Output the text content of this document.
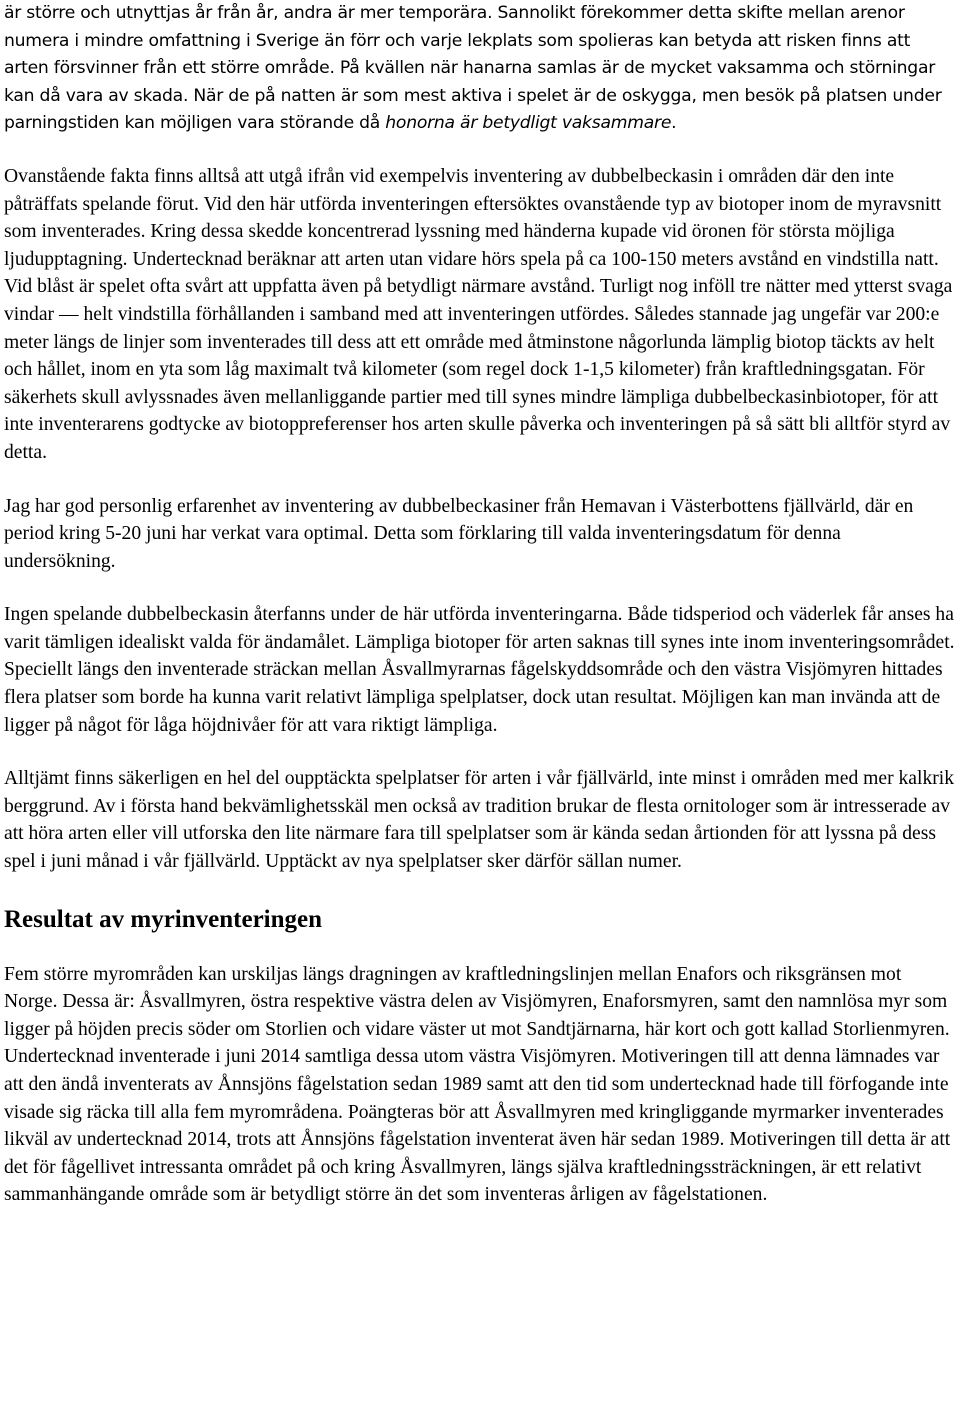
är större och utnyttjas år från år, andra är mer temporära. Sannolikt förekommer detta skifte mellan arenor numera i mindre omfattning i Sverige än förr och varje lekplats som spolieras kan betyda att risken finns att arten försvinner från ett större område. På kvällen när hanarna samlas är de mycket vaksamma och störningar kan då vara av skada. När de på natten är som mest aktiva i spelet är de oskygga, men besök på platsen under parningstiden kan möjligen vara störande då honorna är betydligt vaksammare.

Ovanstående fakta finns alltså att utgå ifrån vid exempelvis inventering av dubbelbeckasin i områden där den inte påträffats spelande förut. Vid den här utförda inventeringen eftersöktes ovanstående typ av biotoper inom de myravsnitt som inventerades. Kring dessa skedde koncentrerad lyssning med händerna kupade vid öronen för största möjliga ljudupptagning. Undertecknad beräknar att arten utan vidare hörs spela på ca 100-150 meters avstånd en vindstilla natt. Vid blåst är spelet ofta svårt att uppfatta även på betydligt närmare avstånd. Turligt nog inföll tre nätter med ytterst svaga vindar — helt vindstilla förhållanden i samband med att inventeringen utfördes. Således stannade jag ungefär var 200:e meter längs de linjer som inventerades till dess att ett område med åtminstone någorlunda lämplig biotop täckts av helt och hållet, inom en yta som låg maximalt två kilometer (som regel dock 1-1,5 kilometer) från kraftledningsgatan. För säkerhets skull avlyssnades även mellanliggande partier med till synes mindre lämpliga dubbelbeckasinbiotoper, för att inte inventerarens godtycke av biotoppreferenser hos arten skulle påverka och inventeringen på så sätt bli alltför styrd av detta.

Jag har god personlig erfarenhet av inventering av dubbelbeckasiner från Hemavan i Västerbottens fjällvärld, där en period kring 5-20 juni har verkat vara optimal. Detta som förklaring till valda inventeringsdatum för denna undersökning.

Ingen spelande dubbelbeckasin återfanns under de här utförda inventeringarna. Både tidsperiod och väderlek får anses ha varit tämligen idealiskt valda för ändamålet. Lämpliga biotoper för arten saknas till synes inte inom inventeringsområdet. Speciellt längs den inventerade sträckan mellan Åsvallmyrarnas fågelskyddsområde och den västra Visjömyren hittades flera platser som borde ha kunna varit relativt lämpliga spelplatser, dock utan resultat. Möjligen kan man invända att de ligger på något för låga höjdnivåer för att vara riktigt lämpliga.

Alltjämt finns säkerligen en hel del oupptäckta spelplatser för arten i vår fjällvärld, inte minst i områden med mer kalkrik berggrund. Av i första hand bekvämlighetsskäl men också av tradition brukar de flesta ornitologer som är intresserade av att höra arten eller vill utforska den lite närmare fara till spelplatser som är kända sedan årtionden för att lyssna på dess spel i juni månad i vår fjällvärld. Upptäckt av nya spelplatser sker därför sällan numer.

Resultat av myrinventeringen

Fem större myrområden kan urskiljas längs dragningen av kraftledningslinjen mellan Enafors och riksgränsen mot Norge. Dessa är: Åsvallmyren, östra respektive västra delen av Visjömyren, Enaforsmyren, samt den namnlösa myr som ligger på höjden precis söder om Storlien och vidare väster ut mot Sandtjärnarna, här kort och gott kallad Storlienmyren. Undertecknad inventerade i juni 2014 samtliga dessa utom västra Visjömyren. Motiveringen till att denna lämnades var att den ändå inventerats av Ånnsjöns fågelstation sedan 1989 samt att den tid som undertecknad hade till förfogande inte visade sig räcka till alla fem myrområdena. Poängteras bör att Åsvallmyren med kringliggande myrmarker inventerades likväl av undertecknad 2014, trots att Ånnsjöns fågelstation inventerat även här sedan 1989. Motiveringen till detta är att det för fågellivet intressanta området på och kring Åsvallmyren, längs själva kraftledningssträckningen, är ett relativt sammanhängande område som är betydligt större än det som inventeras årligen av fågelstationen.
